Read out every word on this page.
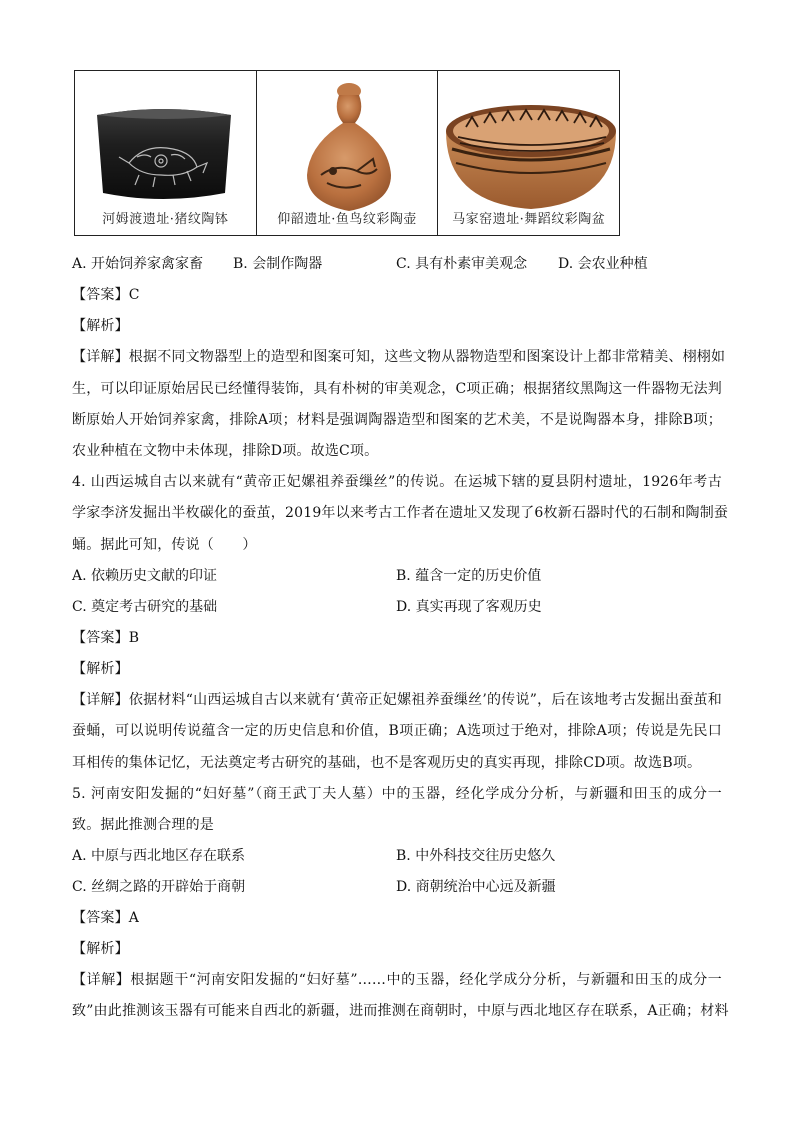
河姆渡遗址·猪纹陶钵	仰韶遗址·鱼鸟纹彩陶壶	马家窑遗址·舞蹈纹彩陶盆
A. 开始饲养家禽家畜 B. 会制作陶器	C. 具有朴素审美观念 D. 会农业种植
【答案】C
【解析】
【详解】根据不同文物器型上的造型和图案可知，这些文物从器物造型和图案设计上都非常精美、栩栩如
生，可以印证原始居民已经懂得装饰，具有朴树的审美观念，C项正确；根据猪纹黑陶这一件器物无法判
断原始人开始饲养家禽，排除A项；材料是强调陶器造型和图案的艺术美，不是说陶器本身，排除B项；
农业种植在文物中未体现，排除D项。故选C项。
4. 山西运城自古以来就有“黄帝正妃嫘祖养蚕缫丝”的传说。在运城下辖的夏县阴村遗址，1926年考古
学家李济发掘出半枚碳化的蚕茧，2019年以来考古工作者在遗址又发现了6枚新石器时代的石制和陶制蚕
蛹。据此可知，传说（　　）
A. 依赖历史文献的印证	B. 蕴含一定的历史价值
C. 奠定考古研究的基础	D. 真实再现了客观历史
【答案】B
【解析】
【详解】依据材料“山西运城自古以来就有‘黄帝正妃嫘祖养蚕缫丝’的传说”，后在该地考古发掘出蚕茧和
蚕蛹，可以说明传说蕴含一定的历史信息和价值，B项正确；A选项过于绝对，排除A项；传说是先民口
耳相传的集体记忆，无法奠定考古研究的基础，也不是客观历史的真实再现，排除CD项。故选B项。
5. 河南安阳发掘的“妇好墓”（商王武丁夫人墓）中的玉器，经化学成分分析，与新疆和田玉的成分一
致。据此推测合理的是
A. 中原与西北地区存在联系	B. 中外科技交往历史悠久
C. 丝绸之路的开辟始于商朝	D. 商朝统治中心远及新疆
【答案】A
【解析】
【详解】根据题干“河南安阳发掘的“妇好墓”……中的玉器，经化学成分分析，与新疆和田玉的成分一
致”由此推测该玉器有可能来自西北的新疆，进而推测在商朝时，中原与西北地区存在联系，A正确；材料
